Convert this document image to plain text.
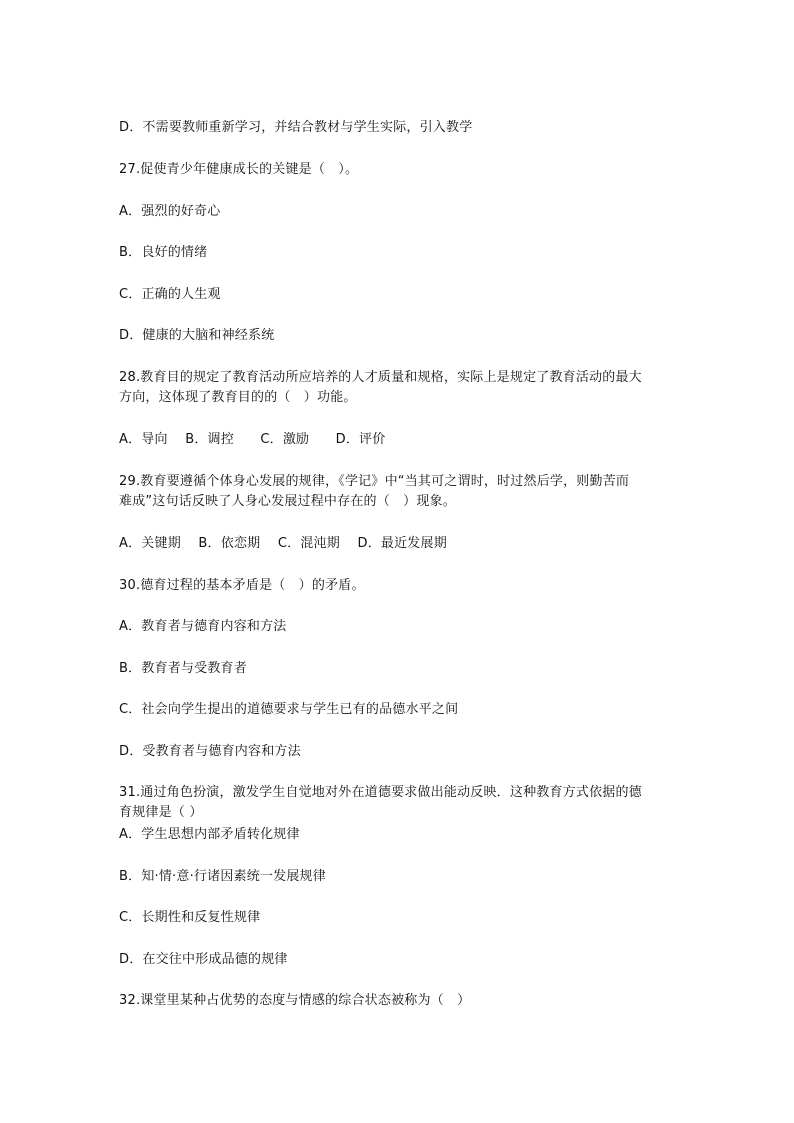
D．不需要教师重新学习，并结合教材与学生实际，引入教学
27.促使青少年健康成长的关键是（　）。
A．强烈的好奇心
B．良好的情绪
C．正确的人生观
D．健康的大脑和神经系统
28.教育目的规定了教育活动所应培养的人才质量和规格，实际上是规定了教育活动的最大
方向，这体现了教育目的的（　）功能。
A．导向　 B．调控　　C．激励　　D．评价
29.教育要遵循个体身心发展的规律，《学记》中“当其可之谓时，时过然后学，则勤苦而
难成”这句话反映了人身心发展过程中存在的（　）现象。
A．关键期　 B．依恋期　 C．混沌期　 D．最近发展期
30.德育过程的基本矛盾是（　）的矛盾。
A．教育者与德育内容和方法
B．教育者与受教育者
C．社会向学生提出的道德要求与学生已有的品德水平之间
D．受教育者与德育内容和方法
31.通过角色扮演，激发学生自觉地对外在道德要求做出能动反映．这种教育方式依据的德
育规律是（ ）
A．学生思想内部矛盾转化规律
B．知·情·意·行诸因素统一发展规律
C．长期性和反复性规律
D．在交往中形成品德的规律
32.课堂里某种占优势的态度与情感的综合状态被称为（　）
